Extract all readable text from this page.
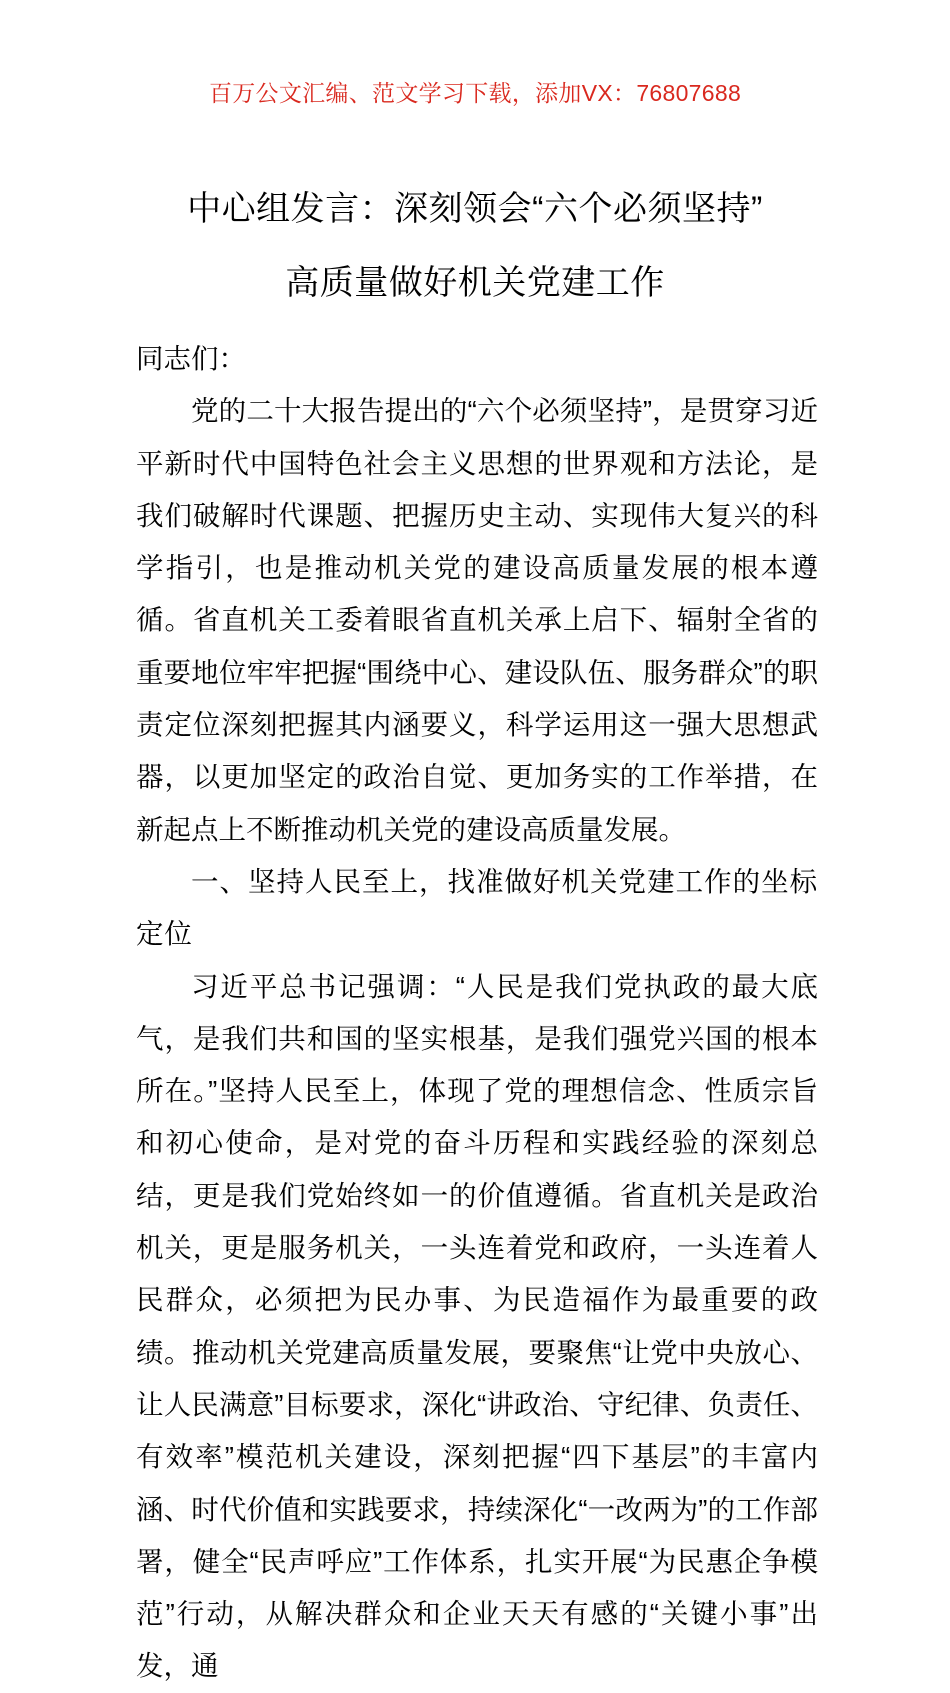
百万公文汇编、范文学习下载，添加VX：76807688
中心组发言：深刻领会“六个必须坚持”
高质量做好机关党建工作

同志们：

党的二十大报告提出的“六个必须坚持”，是贯穿习近平新时代中国特色社会主义思想的世界观和方法论，是我们破解时代课题、把握历史主动、实现伟大复兴的科学指引，也是推动机关党的建设高质量发展的根本遵循。省直机关工委着眼省直机关承上启下、辐射全省的重要地位牢牢把握“围绕中心、建设队伍、服务群众”的职责定位深刻把握其内涵要义，科学运用这一强大思想武器，以更加坚定的政治自觉、更加务实的工作举措，在新起点上不断推动机关党的建设高质量发展。

一、坚持人民至上，找准做好机关党建工作的坐标定位

习近平总书记强调：“人民是我们党执政的最大底气，是我们共和国的坚实根基，是我们强党兴国的根本所在。”坚持人民至上，体现了党的理想信念、性质宗旨和初心使命，是对党的奋斗历程和实践经验的深刻总结，更是我们党始终如一的价值遵循。省直机关是政治机关，更是服务机关，一头连着党和政府，一头连着人民群众，必须把为民办事、为民造福作为最重要的政绩。推动机关党建高质量发展，要聚焦“让党中央放心、让人民满意”目标要求，深化“讲政治、守纪律、负责任、有效率”模范机关建设，深刻把握“四下基层”的丰富内涵、时代价值和实践要求，持续深化“一改两为”的工作部署，健全“民声呼应”工作体系，扎实开展“为民惠企争模范”行动，从解决群众和企业天天有感的“关键小事”出发，通
